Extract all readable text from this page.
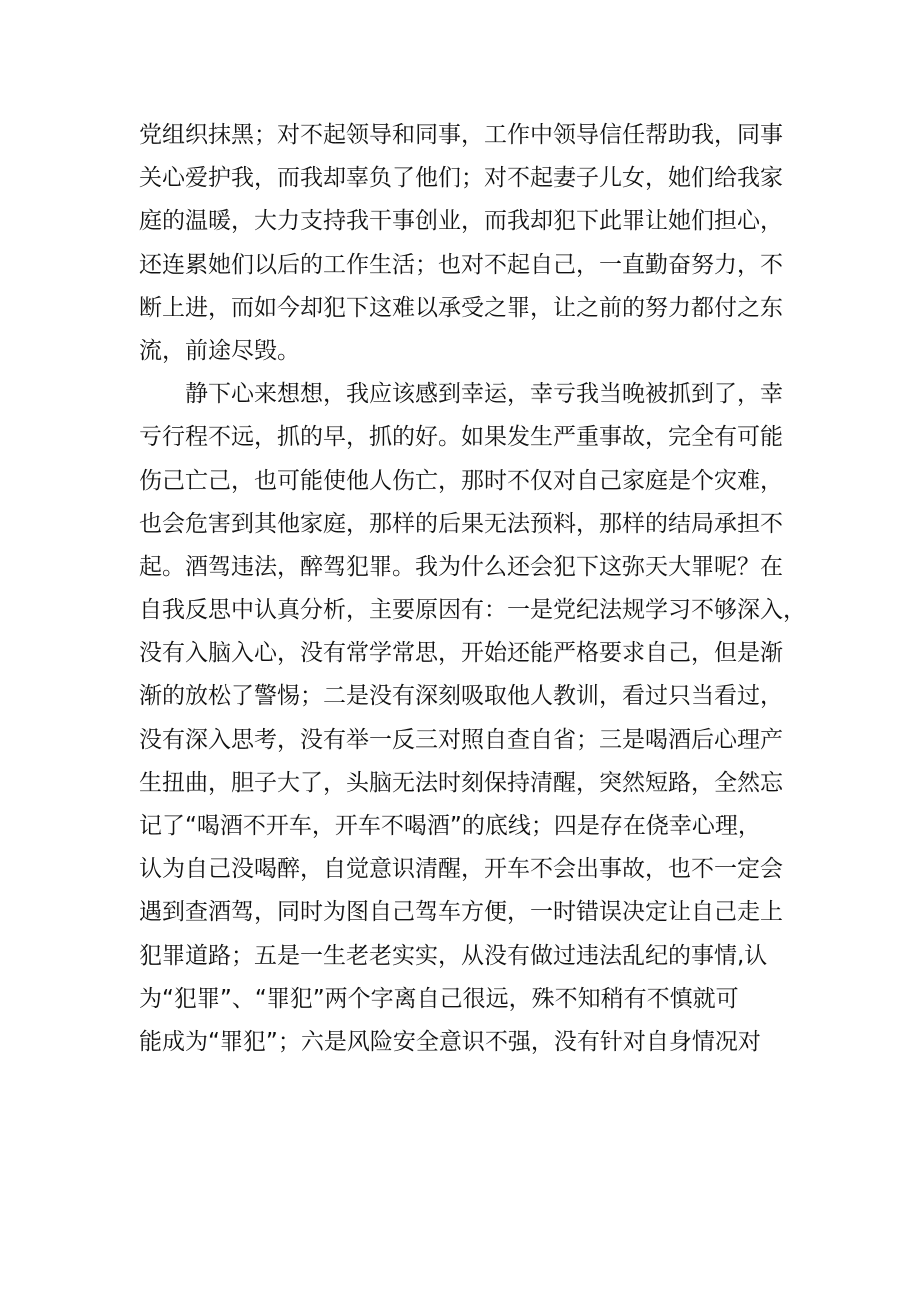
党组织抹黑；对不起领导和同事，工作中领导信任帮助我，同事
关心爱护我，而我却辜负了他们；对不起妻子儿女，她们给我家
庭的温暖，大力支持我干事创业，而我却犯下此罪让她们担心，
还连累她们以后的工作生活；也对不起自己，一直勤奋努力，不
断上进，而如今却犯下这难以承受之罪，让之前的努力都付之东
流，前途尽毁。
静下心来想想，我应该感到幸运，幸亏我当晚被抓到了，幸
亏行程不远，抓的早，抓的好。如果发生严重事故，完全有可能
伤己亡己，也可能使他人伤亡，那时不仅对自己家庭是个灾难，
也会危害到其他家庭，那样的后果无法预料，那样的结局承担不
起。酒驾违法，醉驾犯罪。我为什么还会犯下这弥天大罪呢？在
自我反思中认真分析，主要原因有：一是党纪法规学习不够深入，
没有入脑入心，没有常学常思，开始还能严格要求自己，但是渐
渐的放松了警惕；二是没有深刻吸取他人教训，看过只当看过，
没有深入思考，没有举一反三对照自查自省；三是喝酒后心理产
生扭曲，胆子大了，头脑无法时刻保持清醒，突然短路，全然忘
记了“喝酒不开车，开车不喝酒”的底线；四是存在侥幸心理，
认为自己没喝醉，自觉意识清醒，开车不会出事故，也不一定会
遇到查酒驾，同时为图自己驾车方便，一时错误决定让自己走上
犯罪道路；五是一生老老实实，从没有做过违法乱纪的事情,认
为“犯罪”、“罪犯”两个字离自己很远，殊不知稍有不慎就可
能成为“罪犯”；六是风险安全意识不强，没有针对自身情况对
